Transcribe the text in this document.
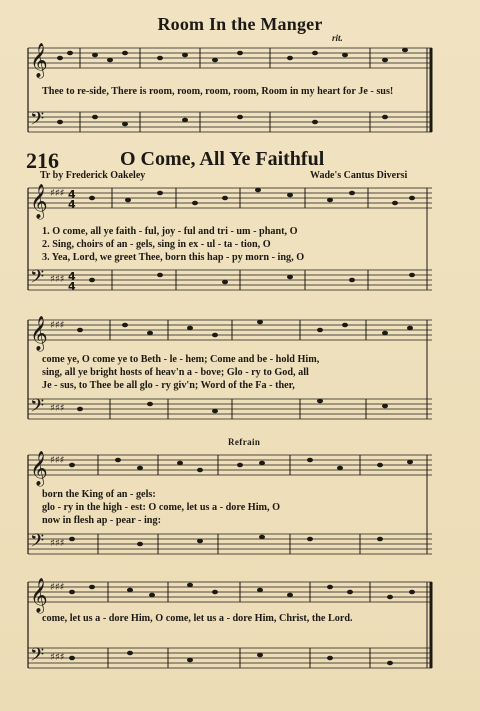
Room In the Manger
rit.
𝄞
𝄢
𝄞
𝄢
𝄞
𝄢
𝄞
𝄢
𝄞
𝄢
♯♯♯
♯♯♯
♯♯♯
♯♯♯
♯♯♯
♯♯♯
♯♯♯
♯♯♯
4
4
4
4
Thee to re-side, There is room, room, room, room, Room in my heart for Je - sus!
216	O Come, All Ye Faithful
Tr by Frederick Oakeley	Wade's Cantus Diversi
1. O come, all ye faith - ful, joy - ful and tri - um - phant, O
2. Sing, choirs of an - gels, sing in ex - ul - ta - tion, O
3. Yea, Lord, we greet Thee, born this hap - py morn - ing, O
come ye, O come ye to Beth - le - hem; Come and be - hold Him,
sing, all ye bright hosts of heav'n a - bove; Glo - ry to God, all
Je - sus, to Thee be all glo - ry giv'n; Word of the Fa - ther,
Refrain
born the King of an - gels:
glo - ry in the high - est: O come, let us a - dore Him, O
now in flesh ap - pear - ing:
come, let us a - dore Him, O come, let us a - dore Him, Christ, the Lord.
